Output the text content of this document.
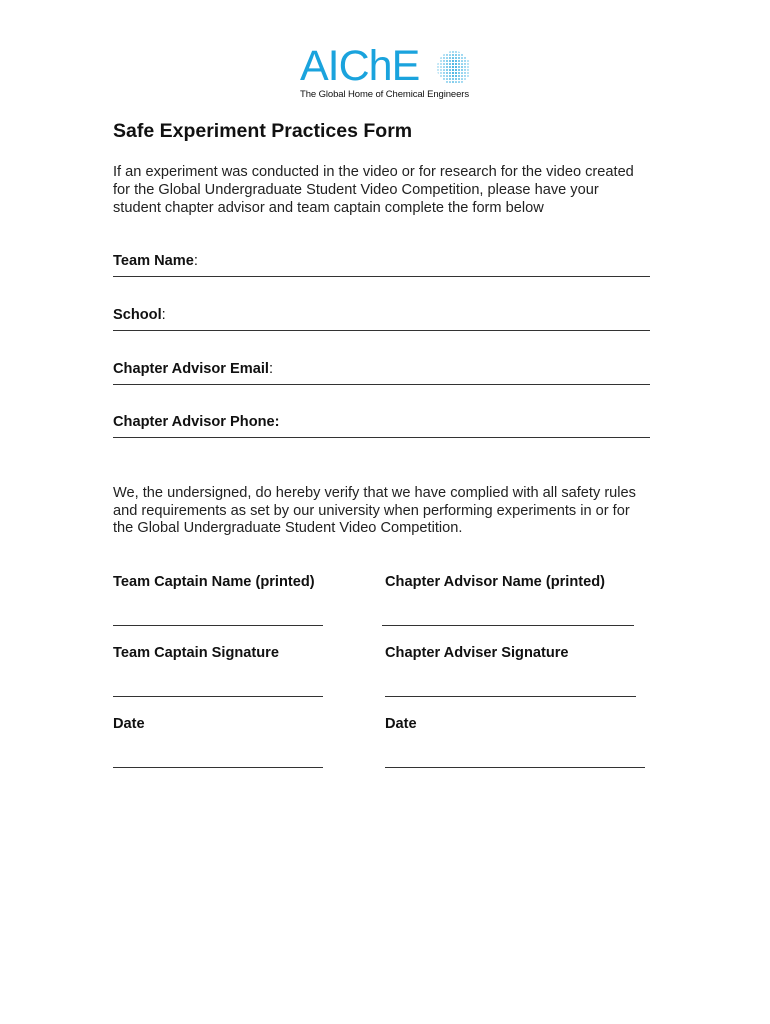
AIChE
The Global Home of Chemical Engineers
Safe Experiment Practices Form
If an experiment was conducted in the video or for research for the video created
for the Global Undergraduate Student Video Competition, please have your
student chapter advisor and team captain complete the form below
Team Name:
School:
Chapter Advisor Email:
Chapter Advisor Phone:
We, the undersigned, do hereby verify that we have complied with all safety rules
and requirements as set by our university when performing experiments in or for
the Global Undergraduate Student Video Competition.
Team Captain Name (printed)
Team Captain Signature
Date
Chapter Advisor Name (printed)
Chapter Adviser Signature
Date
